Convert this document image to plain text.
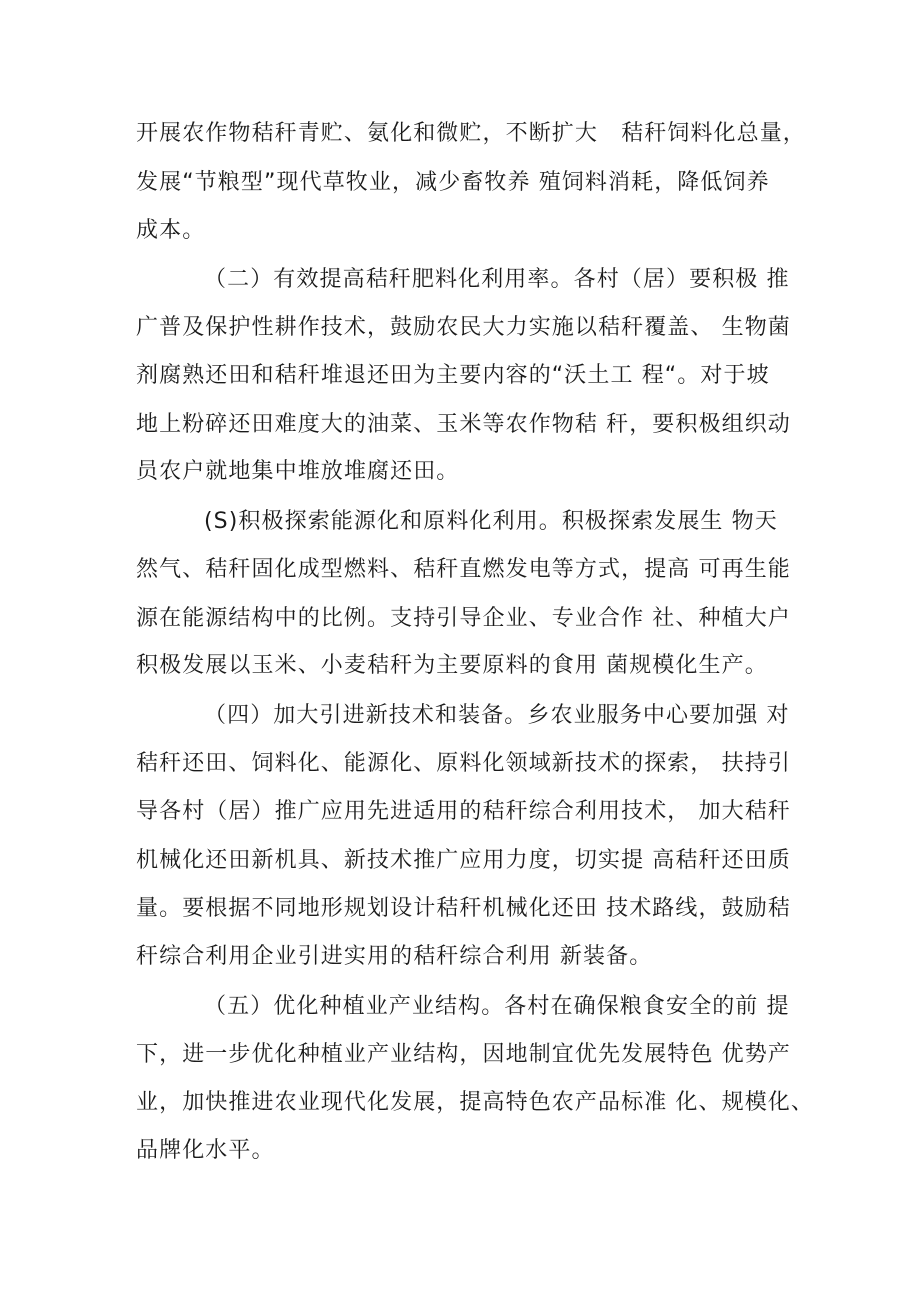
开展农作物秸秆青贮、氨化和微贮，不断扩大　秸秆饲料化总量，
发展“节粮型”现代草牧业，减少畜牧养 殖饲料消耗，降低饲养
成本。
（二）有效提高秸秆肥料化利用率。各村（居）要积极 推
广普及保护性耕作技术，鼓励农民大力实施以秸秆覆盖、 生物菌
剂腐熟还田和秸秆堆退还田为主要内容的“沃土工 程“。对于坡
地上粉碎还田难度大的油菜、玉米等农作物秸 秆，要积极组织动
员农户就地集中堆放堆腐还田。
(S)积极探索能源化和原料化利用。积极探索发展生 物天
然气、秸秆固化成型燃料、秸秆直燃发电等方式，提高 可再生能
源在能源结构中的比例。支持引导企业、专业合作 社、种植大户
积极发展以玉米、小麦秸秆为主要原料的食用 菌规模化生产。
（四）加大引进新技术和装备。乡农业服务中心要加强 对
秸秆还田、饲料化、能源化、原料化领域新技术的探索， 扶持引
导各村（居）推广应用先进适用的秸秆综合利用技术， 加大秸秆
机械化还田新机具、新技术推广应用力度，切实提 高秸秆还田质
量。要根据不同地形规划设计秸秆机械化还田 技术路线，鼓励秸
秆综合利用企业引进实用的秸秆综合利用 新装备。
（五）优化种植业产业结构。各村在确保粮食安全的前 提
下，进一步优化种植业产业结构，因地制宜优先发展特色 优势产
业，加快推进农业现代化发展，提高特色农产品标准 化、规模化、
品牌化水平。
